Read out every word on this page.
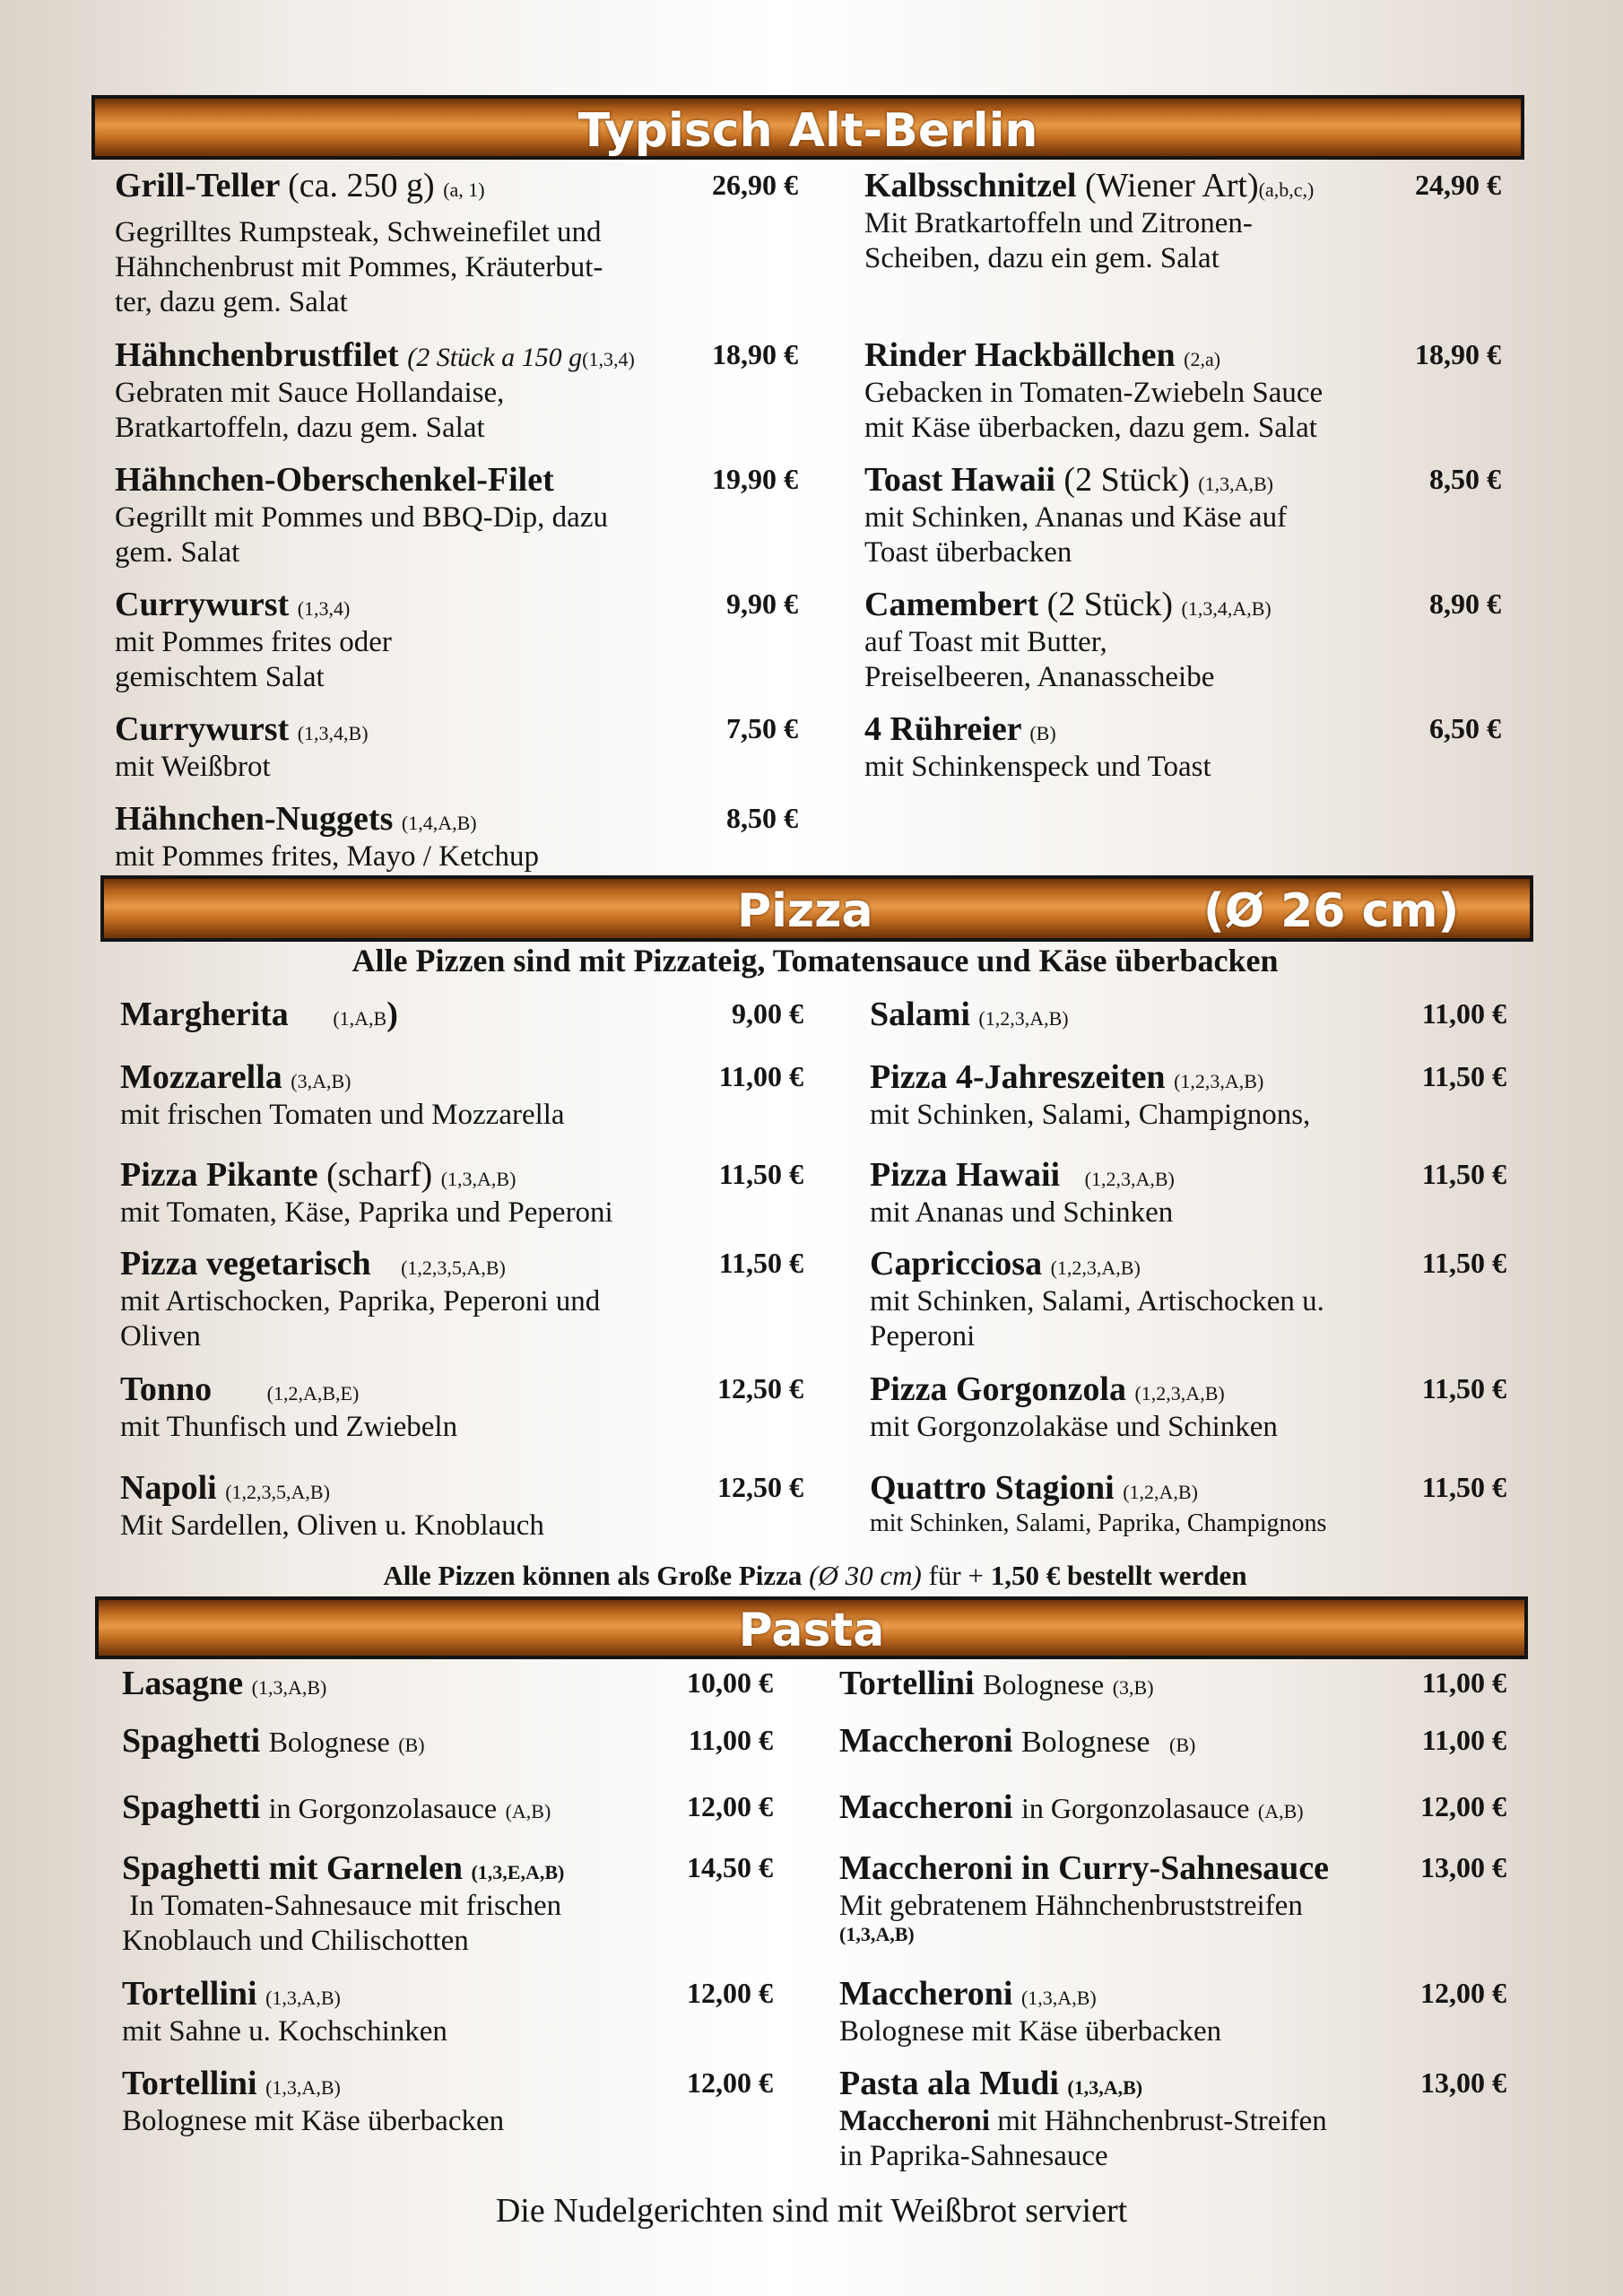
Typisch Alt-Berlin
Grill-Teller (ca. 250 g) (a, 1)
Gegrilltes Rumpsteak, Schweinefilet und
Hähnchenbrust mit Pommes, Kräuterbut-
ter, dazu gem. Salat
26,90 €
Hähnchenbrustfilet (2 Stück a 150 g(1,3,4)
Gebraten mit Sauce Hollandaise,
Bratkartoffeln, dazu gem. Salat
18,90 €
Hähnchen-Oberschenkel-Filet
Gegrillt mit Pommes und BBQ-Dip, dazu
gem. Salat
19,90 €
Currywurst (1,3,4)
mit Pommes frites oder
gemischtem Salat
9,90 €
Currywurst (1,3,4,B)
mit Weißbrot
7,50 €
Hähnchen-Nuggets (1,4,A,B)
mit Pommes frites, Mayo / Ketchup
8,50 €
Kalbsschnitzel (Wiener Art)(a,b,c,)
Mit Bratkartoffeln und Zitronen-
Scheiben, dazu ein gem. Salat
24,90 €
Rinder Hackbällchen (2,a)
Gebacken in Tomaten-Zwiebeln Sauce
mit Käse überbacken, dazu gem. Salat
18,90 €
Toast Hawaii (2 Stück) (1,3,A,B)
mit Schinken, Ananas und Käse auf
Toast überbacken
8,50 €
Camembert (2 Stück) (1,3,4,A,B)
auf Toast mit Butter,
Preiselbeeren, Ananasscheibe
8,90 €
4 Rühreier (B)
mit Schinkenspeck und Toast
6,50 €
Pizza	(Ø 26 cm)
Alle Pizzen sind mit Pizzateig, Tomatensauce und Käse überbacken
Margherita (1,A,B)	9,00 €
Mozzarella (3,A,B)
mit frischen Tomaten und Mozzarella
11,00 €
Pizza Pikante (scharf) (1,3,A,B)
mit Tomaten, Käse, Paprika und Peperoni
11,50 €
Pizza vegetarisch (1,2,3,5,A,B)
mit Artischocken, Paprika, Peperoni und
Oliven
11,50 €
Tonno	(1,2,A,B,E)
mit Thunfisch und Zwiebeln
12,50 €
Napoli (1,2,3,5,A,B)
Mit Sardellen, Oliven u. Knoblauch
12,50 €
Salami (1,2,3,A,B)	11,00 €
Pizza 4-Jahreszeiten (1,2,3,A,B)
mit Schinken, Salami, Champignons,
11,50 €
Pizza Hawaii (1,2,3,A,B)
mit Ananas und Schinken
11,50 €
Capricciosa (1,2,3,A,B)
mit Schinken, Salami, Artischocken u.
Peperoni
11,50 €
Pizza Gorgonzola (1,2,3,A,B)
mit Gorgonzolakäse und Schinken
11,50 €
Quattro Stagioni (1,2,A,B)
mit Schinken, Salami, Paprika, Champignons
11,50 €
Alle Pizzen können als Große Pizza (Ø 30 cm) für + 1,50 € bestellt werden
Pasta
Lasagne (1,3,A,B)	10,00 €
Spaghetti Bolognese (B)	11,00 €
Spaghetti in Gorgonzolasauce (A,B)	12,00 €
Spaghetti mit Garnelen (1,3,E,A,B)
In Tomaten-Sahnesauce mit frischen
Knoblauch und Chilischotten
14,50 €
Tortellini (1,3,A,B)
mit Sahne u. Kochschinken
12,00 €
Tortellini (1,3,A,B)
Bolognese mit Käse überbacken
12,00 €
Tortellini Bolognese (3,B)	11,00 €
Maccheroni Bolognese (B)	11,00 €
Maccheroni in Gorgonzolasauce (A,B)	12,00 €
Maccheroni in Curry-Sahnesauce
Mit gebratenem Hähnchenbruststreifen
(1,3,A,B)
13,00 €
Maccheroni (1,3,A,B)
Bolognese mit Käse überbacken
12,00 €
Pasta ala Mudi (1,3,A,B)
Maccheroni mit Hähnchenbrust-Streifen
in Paprika-Sahnesauce
13,00 €
Die Nudelgerichten sind mit Weißbrot serviert
